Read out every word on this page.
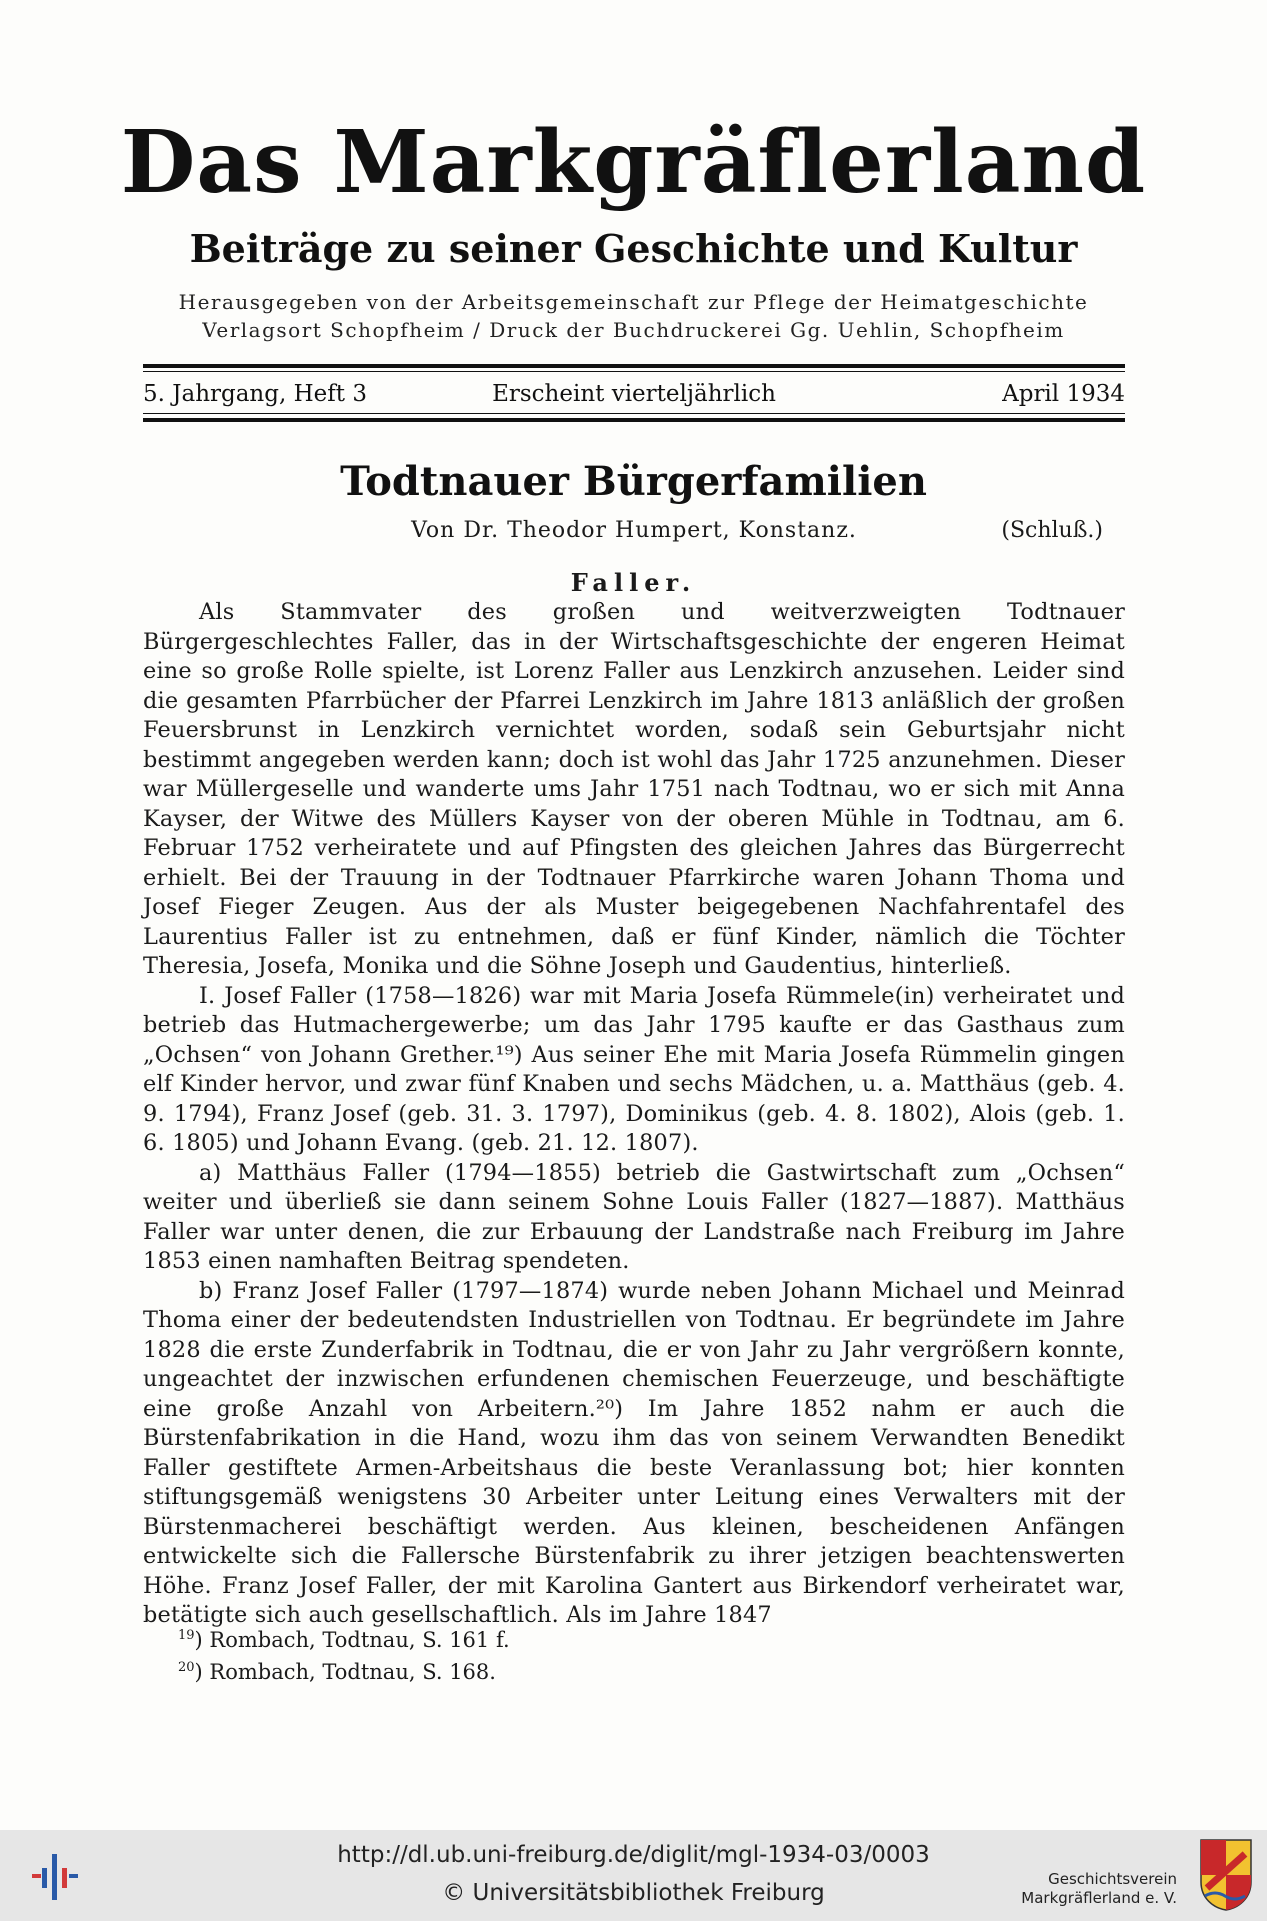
Das Markgräflerland
Beiträge zu seiner Geschichte und Kultur
Herausgegeben von der Arbeitsgemeinschaft zur Pflege der Heimatgeschichte
Verlagsort Schopfheim / Druck der Buchdruckerei Gg. Uehlin, Schopfheim
5. Jahrgang, Heft 3	Erscheint vierteljährlich	April 1934
Todtnauer Bürgerfamilien
Von Dr. Theodor Humpert, Konstanz.	(Schluß.)
Faller.

Als Stammvater des großen und weitverzweigten Todtnauer Bürgergeschlechtes Faller, das in der Wirtschaftsgeschichte der engeren Heimat eine so große Rolle spielte, ist Lorenz Faller aus Lenzkirch anzusehen. Leider sind die gesamten Pfarrbücher der Pfarrei Lenzkirch im Jahre 1813 anläßlich der großen Feuersbrunst in Lenzkirch vernichtet worden, sodaß sein Geburtsjahr nicht bestimmt angegeben werden kann; doch ist wohl das Jahr 1725 anzunehmen. Dieser war Müllergeselle und wanderte ums Jahr 1751 nach Todtnau, wo er sich mit Anna Kayser, der Witwe des Müllers Kayser von der oberen Mühle in Todtnau, am 6. Februar 1752 verheiratete und auf Pfingsten des gleichen Jahres das Bürgerrecht erhielt. Bei der Trauung in der Todtnauer Pfarrkirche waren Johann Thoma und Josef Fieger Zeugen. Aus der als Muster beigegebenen Nachfahrentafel des Laurentius Faller ist zu entnehmen, daß er fünf Kinder, nämlich die Töchter Theresia, Josefa, Monika und die Söhne Joseph und Gaudentius, hinterließ.

I. Josef Faller (1758—1826) war mit Maria Josefa Rümmele(in) verheiratet und betrieb das Hutmachergewerbe; um das Jahr 1795 kaufte er das Gasthaus zum „Ochsen“ von Johann Grether.¹⁹) Aus seiner Ehe mit Maria Josefa Rümmelin gingen elf Kinder hervor, und zwar fünf Knaben und sechs Mädchen, u. a. Matthäus (geb. 4. 9. 1794), Franz Josef (geb. 31. 3. 1797), Dominikus (geb. 4. 8. 1802), Alois (geb. 1. 6. 1805) und Johann Evang. (geb. 21. 12. 1807).

a) Matthäus Faller (1794—1855) betrieb die Gastwirtschaft zum „Ochsen“ weiter und überließ sie dann seinem Sohne Louis Faller (1827—1887). Matthäus Faller war unter denen, die zur Erbauung der Landstraße nach Freiburg im Jahre 1853 einen namhaften Beitrag spendeten.

b) Franz Josef Faller (1797—1874) wurde neben Johann Michael und Meinrad Thoma einer der bedeutendsten Industriellen von Todtnau. Er begründete im Jahre 1828 die erste Zunderfabrik in Todtnau, die er von Jahr zu Jahr vergrößern konnte, ungeachtet der inzwischen erfundenen chemischen Feuerzeuge, und beschäftigte eine große Anzahl von Arbeitern.²⁰) Im Jahre 1852 nahm er auch die Bürstenfabrikation in die Hand, wozu ihm das von seinem Verwandten Benedikt Faller gestiftete Armen-Arbeitshaus die beste Veranlassung bot; hier konnten stiftungsgemäß wenigstens 30 Arbeiter unter Leitung eines Verwalters mit der Bürstenmacherei beschäftigt werden. Aus kleinen, bescheidenen Anfängen entwickelte sich die Fallersche Bürstenfabrik zu ihrer jetzigen beachtenswerten Höhe. Franz Josef Faller, der mit Karolina Gantert aus Birkendorf verheiratet war, betätigte sich auch gesellschaftlich. Als im Jahre 1847

$^{19}$) Rombach, Todtnau, S. 161 f.
$^{20}$) Rombach, Todtnau, S. 168.
http://dl.ub.uni-freiburg.de/diglit/mgl-1934-03/0003
© Universitätsbibliothek Freiburg
Geschichtsverein
Markgräflerland e. V.
